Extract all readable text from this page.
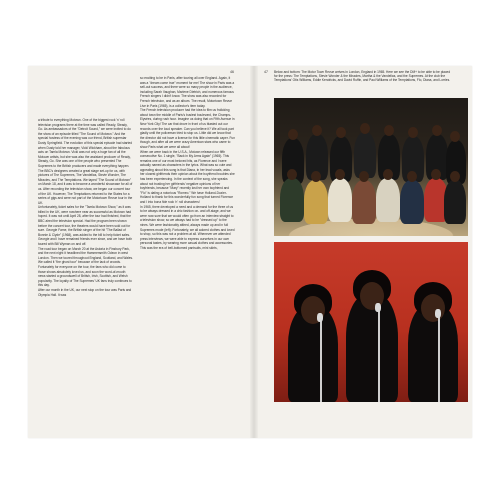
46	47

a tribute to everything Motown. One of the biggest rock 'n' roll television programs there at the time was called Ready, Steady, Go. As ambassadors of the "Detroit Sound," we were invited to do the show of an episode titled "The Sound of Motown." And the special hostess of the evening was our friend, British superstar Dusty Springfield. The evolution of this special episode had started when Dusty told her manager, Vicki Wickham, about the fabulous acts on Tamla Motown. Vicki was not only a huge fan of all the Motown artists, but she was also the assistant producer of Ready, Steady, Go. She was one of the people who presented The Supremes to the British producers and made everything happen.

The BBC's designers created a great stage set-up for us, with pictures of The Supremes, The Vandellas, Stevie Wonder, The Miracles, and The Temptations. We taped "The Sound of Motown" on March 18, and it was to become a wonderful showcase for all of us. After recording the television show, we began our concert tour of the UK. However, The Temptations returned to the States for a series of gigs and were not part of the Motortown Revue tour in the UK.

Unfortunately, ticket sales for the "Tamla Motown Show," as it was billed in the UK, were nowhere near as successful as Motown had hoped. It was not until April 28, after the tour had finished, that the BBC aired the television special. Had the program been shown before the concert tour, the theaters would have been sold out for sure. Georgie Fame, the British singer of the hit "The Ballad of Bonnie & Clyde" (1968), was added to the bill to help ticket sales. Georgie and I have remained friends ever since, and we have both toured with Bill Wyman on and off.

The road tour began on March 20 at the Astoria in Finsbury Park, and the next night it headlined the Hammersmith Odeon in west London. Then we toured throughout England, Scotland, and Wales. We called it "the ghost tour" because of the lack of crowds.

Fortunately for everyone on the tour, the fans who did come to those shows absolutely loved us, and soon the word-of-mouth news started a groundswell of British, Irish, Scottish, and Welsh popularity. The loyalty of The Supremes' UK fans truly continues to this day.

After our month in the UK, our next stop on the tour was Paris and Olympia Hall. It was

so exciting to be in Paris, after touring all over England. Again, it was a "dream come true" moment for me! The show in Paris was a sell-out success, and there were so many people in the audience, including Sarah Vaughan, Marlene Dietrich, and numerous famous French singers I didn't know. The show was also recorded for French television, and as an album. The result, Motortown Revue Live in Paris (1965), is a collector's item today.

The French television producer had the idea to film us frolicking about town the middle of Paris's busiest boulevard, the Champs-Elysées, during rush hour. Imagine us doing that on Fifth Avenue in New York City! The car that drove in front of us blasted out our records over the loud speaker. Can you believe it? We all took part gladly until the policeman tried to stop us. Little did we know that the director did not have a license for this little cinematic caper. Fun though, and after all we were crazy American stars who came to show Paris what we were all about!

When we were back in the U.S.A., Motown released our fifth consecutive No. 1 single, "Back in My Arms Again" (1965). This remains one of our most beloved hits, as Florence and I were actually named as characters in the lyrics. What was so cute and appealing about this song is that Diana, in her lead vocals, asks her closest girlfriends their opinion about the boyfriend troubles she has been experiencing. In the context of the song, she speaks about not trusting her girlfriends' negative opinions of her boyfriends, because "Mary" recently lost her own boyfriend and "Flo" is dating a notorious "Romeo." We have Holland-Dozier-Holland to thank for this wonderfully fun song that turned Florence and I into bona fide rock 'n' roll characters!

In 1965, there developed a need and a demand for the three of us to be always dressed in a chic fashion on- and off-stage, and we were now sure that we would often go from an interview straight to a television show, so we always had to be "dressed up" to the nines. We were fashionably attired, always made up and in full Supremes mode (left). Fortunately, we all adored clothes and loved to shop, so this was not a problem at all. Whenever we attended press interviews, we were able to express ourselves in our own personal tastes, by wearing more casual clothes and accessories. This was the era of bell-bottomed pantsuits, mini skirts,

Below and bottom: The Motor Town Revue arrives in London, England in 1965. Here we see the DM+ to be able to be placed for the press: The Temptations, Stevie Wonder & the Miracles, Martha & the Vandellas, and the Supremes. At the club the Temptations' Otis Williams, Eddie Kendricks, and David Ruffin, and Paul Williams of the Temptations, Flo, Diana, and Lorries.
